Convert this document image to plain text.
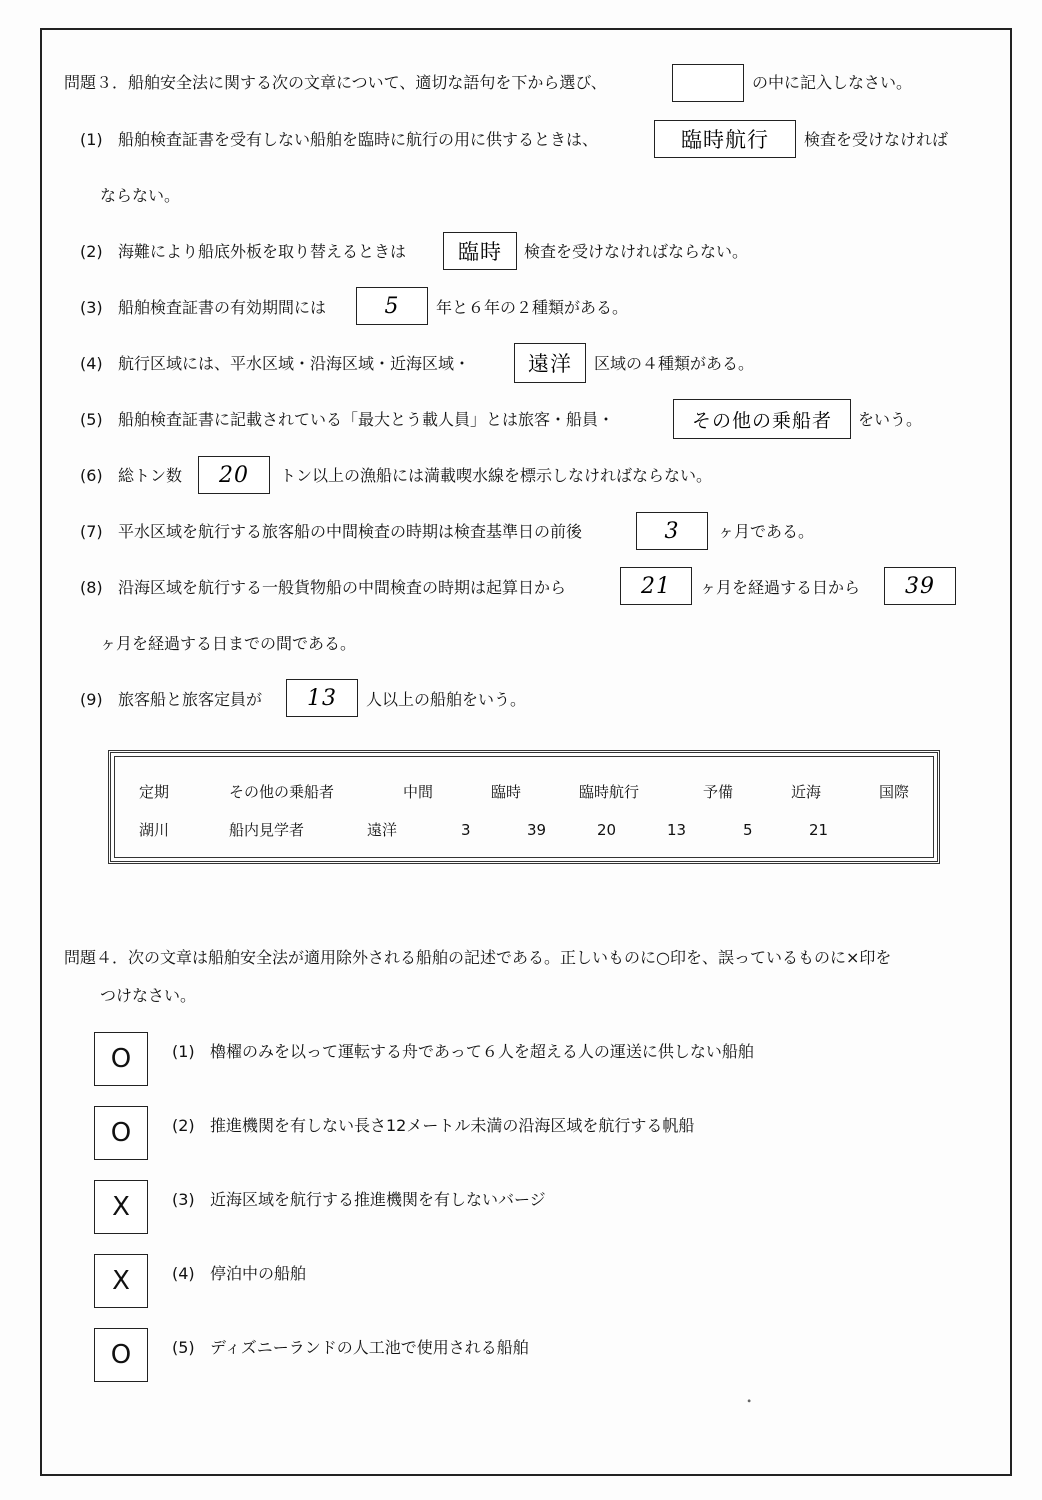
問題３．船舶安全法に関する次の文章について、適切な語句を下から選び、	の中に記入しなさい。
(1) 船舶検査証書を受有しない船舶を臨時に航行の用に供するときは、	臨時航行 検査を受けなければ
ならない。
(2) 海難により船底外板を取り替えるときは 臨時 検査を受けなければならない。
(3) 船舶検査証書の有効期間には	5 年と６年の２種類がある。
(4) 航行区域には、平水区域・沿海区域・近海区域・	遠洋 区域の４種類がある。
(5) 船舶検査証書に記載されている「最大とう載人員」とは旅客・船員・	その他の乗船者 をいう。
(6) 総トン数 20 トン以上の漁船には満載喫水線を標示しなければならない。
(7) 平水区域を航行する旅客船の中間検査の時期は検査基準日の前後	3 ヶ月である。
(8) 沿海区域を航行する一般貨物船の中間検査の時期は起算日から	21 ヶ月を経過する日から 39
ヶ月を経過する日までの間である。
(9) 旅客船と旅客定員が 13 人以上の船舶をいう。
定期	その他の乗船者	中間	臨時	臨時航行	予備	近海	国際
湖川	船内見学者	遠洋	3	39	20	13	5	21
問題４．次の文章は船舶安全法が適用除外される船舶の記述である。正しいものに○印を、誤っているものに×印を
つけなさい。
O	(1) 櫓櫂のみを以って運転する舟であって６人を超える人の運送に供しない船舶
O	(2) 推進機関を有しない長さ12メートル未満の沿海区域を航行する帆船
X	(3) 近海区域を航行する推進機関を有しないバージ
X	(4) 停泊中の船舶
O	(5) ディズニーランドの人工池で使用される船舶
∙
